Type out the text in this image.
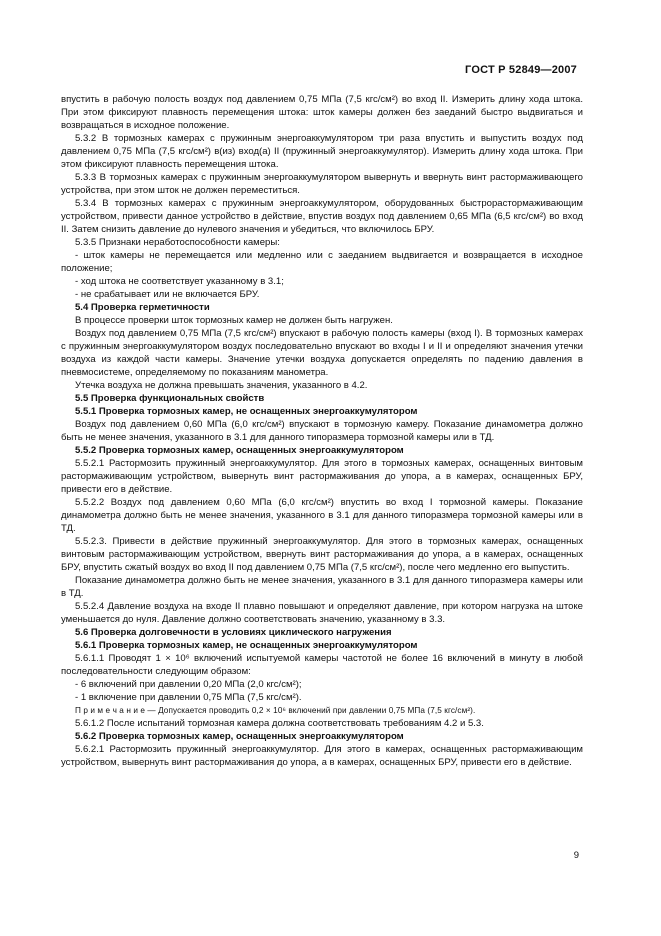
ГОСТ Р 52849—2007

впустить в рабочую полость воздух под давлением 0,75 МПа (7,5 кгс/см²) во вход II. Измерить длину хода штока. При этом фиксируют плавность перемещения штока: шток камеры должен без заеданий быстро выдвигаться и возвращаться в исходное положение.

5.3.2 В тормозных камерах с пружинным энергоаккумулятором три раза впустить и выпустить воздух под давлением 0,75 МПа (7,5 кгс/см²) в(из) вход(а) II (пружинный энергоаккумулятор). Измерить длину хода штока. При этом фиксируют плавность перемещения штока.

5.3.3 В тормозных камерах с пружинным энергоаккумулятором вывернуть и ввернуть винт растормаживающего устройства, при этом шток не должен переместиться.

5.3.4 В тормозных камерах с пружинным энергоаккумулятором, оборудованных быстрорастормаживающим устройством, привести данное устройство в действие, впустив воздух под давлением 0,65 МПа (6,5 кгс/см²) во вход II. Затем снизить давление до нулевого значения и убедиться, что включилось БРУ.

5.3.5 Признаки неработоспособности камеры:

- шток камеры не перемещается или медленно или с заеданием выдвигается и возвращается в исходное положение;

- ход штока не соответствует указанному в 3.1;

- не срабатывает или не включается БРУ.

5.4 Проверка герметичности

В процессе проверки шток тормозных камер не должен быть нагружен.

Воздух под давлением 0,75 МПа (7,5 кгс/см²) впускают в рабочую полость камеры (вход I). В тормозных камерах с пружинным энергоаккумулятором воздух последовательно впускают во входы I и II и определяют значения утечки воздуха из каждой части камеры. Значение утечки воздуха допускается определять по падению давления в пневмосистеме, определяемому по показаниям манометра.

Утечка воздуха не должна превышать значения, указанного в 4.2.

5.5 Проверка функциональных свойств

5.5.1 Проверка тормозных камер, не оснащенных энергоаккумулятором

Воздух под давлением 0,60 МПа (6,0 кгс/см²) впускают в тормозную камеру. Показание динамометра должно быть не менее значения, указанного в 3.1 для данного типоразмера тормозной камеры или в ТД.

5.5.2 Проверка тормозных камер, оснащенных энергоаккумулятором

5.5.2.1 Растормозить пружинный энергоаккумулятор. Для этого в тормозных камерах, оснащенных винтовым растормаживающим устройством, вывернуть винт растормаживания до упора, а в камерах, оснащенных БРУ, привести его в действие.

5.5.2.2 Воздух под давлением 0,60 МПа (6,0 кгс/см²) впустить во вход I тормозной камеры. Показание динамометра должно быть не менее значения, указанного в 3.1 для данного типоразмера тормозной камеры или в ТД.

5.5.2.3. Привести в действие пружинный энергоаккумулятор. Для этого в тормозных камерах, оснащенных винтовым растормаживающим устройством, ввернуть винт растормаживания до упора, а в камерах, оснащенных БРУ, впустить сжатый воздух во вход II под давлением 0,75 МПа (7,5 кгс/см²), после чего медленно его выпустить.

Показание динамометра должно быть не менее значения, указанного в 3.1 для данного типоразмера камеры или в ТД.

5.5.2.4 Давление воздуха на входе II плавно повышают и определяют давление, при котором нагрузка на штоке уменьшается до нуля. Давление должно соответствовать значению, указанному в 3.3.

5.6 Проверка долговечности в условиях циклического нагружения

5.6.1 Проверка тормозных камер, не оснащенных энергоаккумулятором

5.6.1.1 Проводят 1 × 10⁶ включений испытуемой камеры частотой не более 16 включений в минуту в любой последовательности следующим образом:

- 6 включений при давлении 0,20 МПа (2,0 кгс/см²);

- 1 включение при давлении 0,75 МПа (7,5 кгс/см²).

П р и м е ч а н и е — Допускается проводить 0,2 × 10⁶ включений при давлении 0,75 МПа (7,5 кгс/см²).

5.6.1.2 После испытаний тормозная камера должна соответствовать требованиям 4.2 и 5.3.

5.6.2 Проверка тормозных камер, оснащенных энергоаккумулятором

5.6.2.1 Растормозить пружинный энергоаккумулятор. Для этого в камерах, оснащенных растормаживающим устройством, вывернуть винт растормаживания до упора, а в камерах, оснащенных БРУ, привести его в действие.

9
